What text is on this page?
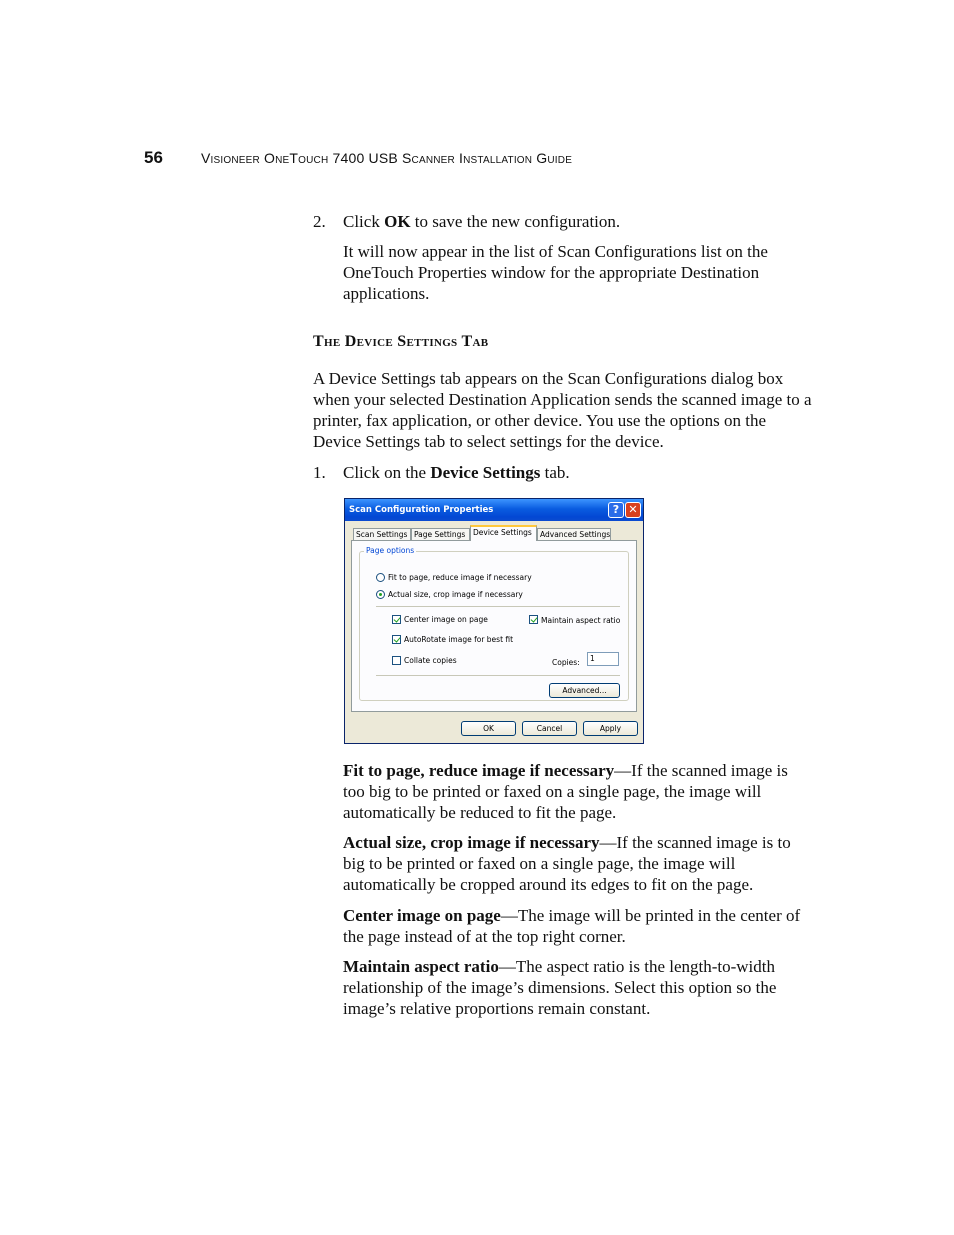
56	Visioneer OneTouch 7400 USB Scanner Installation Guide
2. Click OK to save the new configuration.
It will now appear in the list of Scan Configurations list on the OneTouch Properties window for the appropriate Destination applications.
The Device Settings Tab
A Device Settings tab appears on the Scan Configurations dialog box when your selected Destination Application sends the scanned image to a printer, fax application, or other device. You use the options on the Device Settings tab to select settings for the device.
1. Click on the Device Settings tab.
Scan Configuration Properties	? ✕
Scan Settings Page Settings	Device Settings	Advanced Settings
Page options
Fit to page, reduce image if necessary
Actual size, crop image if necessary
Center image on page	Maintain aspect ratio
AutoRotate image for best fit
Collate copies	Copies:	1
Advanced...
OK	Cancel	Apply
Fit to page, reduce image if necessary—If the scanned image is too big to be printed or faxed on a single page, the image will automatically be reduced to fit the page.
Actual size, crop image if necessary—If the scanned image is to big to be printed or faxed on a single page, the image will automatically be cropped around its edges to fit on the page.
Center image on page—The image will be printed in the center of the page instead of at the top right corner.
Maintain aspect ratio—The aspect ratio is the length-to-width relationship of the image’s dimensions. Select this option so the image’s relative proportions remain constant.
